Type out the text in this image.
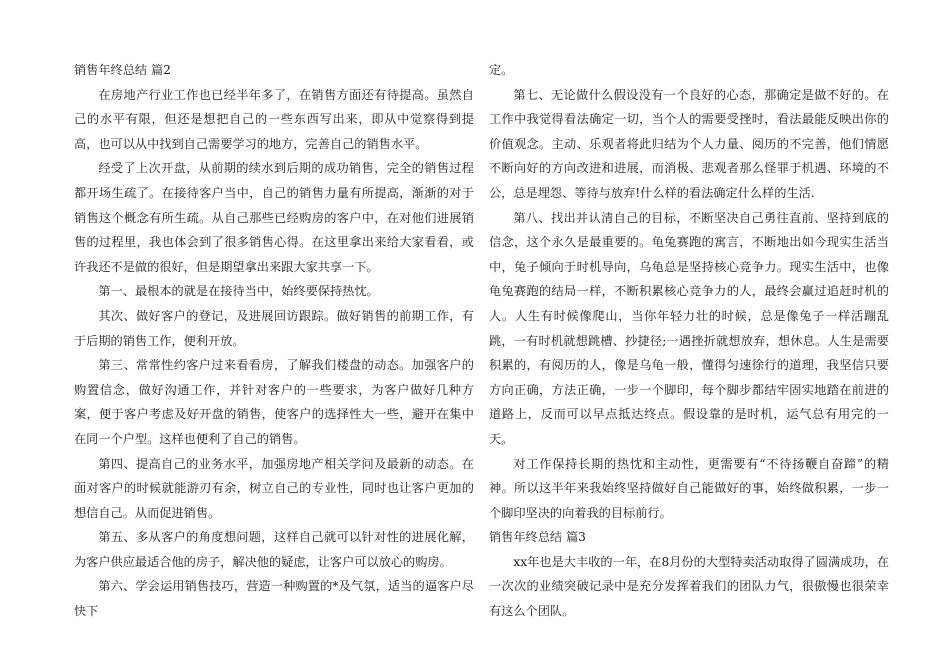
销售年终总结 篇2

在房地产行业工作也已经半年多了，在销售方面还有待提高。虽然自己的水平有限，但还是想把自己的一些东西写出来，即从中觉察得到提高，也可以从中找到自己需要学习的地方，完善自己的销售水平。

经受了上次开盘，从前期的续水到后期的成功销售，完全的销售过程都开场生疏了。在接待客户当中，自己的销售力量有所提高，渐渐的对于销售这个概念有所生疏。从自己那些已经购房的客户中，在对他们进展销售的过程里，我也体会到了很多销售心得。在这里拿出来给大家看看，或许我还不是做的很好，但是期望拿出来跟大家共享一下。

第一、最根本的就是在接待当中，始终要保持热忱。

其次、做好客户的登记，及进展回访跟踪。做好销售的前期工作，有于后期的销售工作，便利开放。

第三、常常性约客户过来看看房，了解我们楼盘的动态。加强客户的购置信念，做好沟通工作，并针对客户的一些要求，为客户做好几种方案，便于客户考虑及好开盘的销售，使客户的选择性大一些，避开在集中在同一个户型。这样也便利了自己的销售。

第四、提高自己的业务水平，加强房地产相关学问及最新的动态。在面对客户的时候就能游刃有余，树立自己的专业性，同时也让客户更加的想信自己。从而促进销售。

第五、多从客户的角度想问题，这样自己就可以针对性的进展化解，为客户供应最适合他的房子，解决他的疑虑，让客户可以放心的购房。

第六、学会运用销售技巧，营造一种购置的*及气氛，适当的逼客户尽快下

定。

第七、无论做什么假设没有一个良好的心态，那确定是做不好的。在工作中我觉得看法确定一切，当个人的需要受挫时，看法最能反映出你的价值观念。主动、乐观者将此归结为个人力量、阅历的不完善，他们情愿不断向好的方向改进和进展，而消极、悲观者那么怪罪于机遇、环境的不公，总是埋怨、等待与放弃!什么样的看法确定什么样的生活.

第八、找出并认清自己的目标，不断坚决自己勇往直前、坚持到底的信念，这个永久是最重要的。龟兔赛跑的寓言，不断地出如今现实生活当中，兔子倾向于时机导向，乌龟总是坚持核心竞争力。现实生活中，也像龟兔赛跑的结局一样，不断积累核心竞争力的人，最终会赢过追赶时机的人。人生有时候像爬山，当你年轻力壮的时候，总是像兔子一样活蹦乱跳，一有时机就想跳槽、抄捷径;一遇挫折就想放弃，想休息。人生是需要积累的，有阅历的人，像是乌龟一般，懂得匀速徐行的道理，我坚信只要方向正确，方法正确，一步一个脚印，每个脚步都结牢固实地踏在前进的道路上，反而可以早点抵达终点。假设靠的是时机，运气总有用完的一天。

对工作保持长期的热忱和主动性，更需要有“不待扬鞭自奋蹄”的精神。所以这半年来我始终坚持做好自己能做好的事，始终做积累，一步一个脚印坚决的向着我的目标前行。

销售年终总结 篇3

xx年也是大丰收的一年，在8月份的大型特卖活动取得了圆满成功，在一次次的业绩突破记录中是充分发挥着我们的团队力气，很傲慢也很荣幸有这么个团队。
